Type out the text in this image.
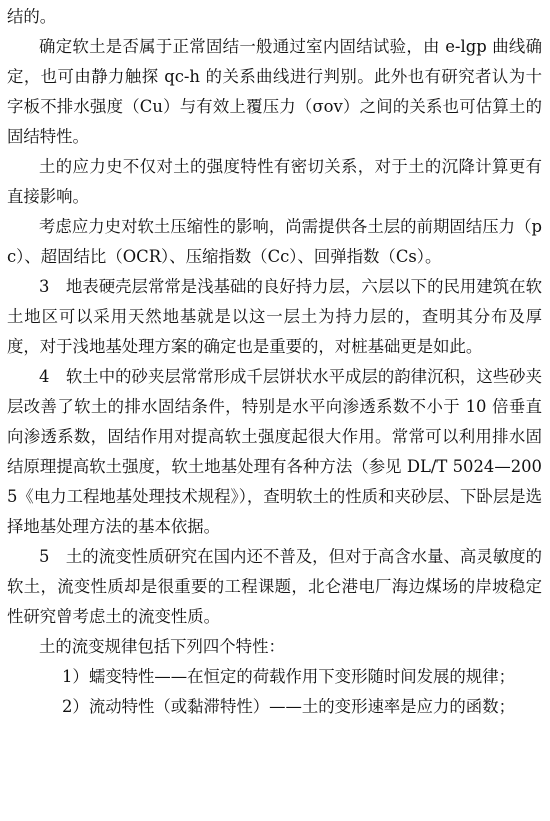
结的。

确定软土是否属于正常固结一般通过室内固结试验，由 e-lgp 曲线确定，也可由静力触探 qc-h 的关系曲线进行判别。此外也有研究者认为十字板不排水强度（Cu）与有效上覆压力（σov）之间的关系也可估算土的固结特性。

土的应力史不仅对土的强度特性有密切关系，对于土的沉降计算更有直接影响。

考虑应力史对软土压缩性的影响，尚需提供各土层的前期固结压力（pc）、超固结比（OCR）、压缩指数（Cc）、回弹指数（Cs）。

3　地表硬壳层常常是浅基础的良好持力层，六层以下的民用建筑在软土地区可以采用天然地基就是以这一层土为持力层的，查明其分布及厚度，对于浅地基处理方案的确定也是重要的，对桩基础更是如此。

4　软土中的砂夹层常常形成千层饼状水平成层的韵律沉积，这些砂夹层改善了软土的排水固结条件，特别是水平向渗透系数不小于 10 倍垂直向渗透系数，固结作用对提高软土强度起很大作用。常常可以利用排水固结原理提高软土强度，软土地基处理有各种方法（参见 DL/T 5024—2005《电力工程地基处理技术规程》），查明软土的性质和夹砂层、下卧层是选择地基处理方法的基本依据。

5　土的流变性质研究在国内还不普及，但对于高含水量、高灵敏度的软土，流变性质却是很重要的工程课题，北仑港电厂海边煤场的岸坡稳定性研究曾考虑土的流变性质。

土的流变规律包括下列四个特性：

1）蠕变特性——在恒定的荷载作用下变形随时间发展的规律；

2）流动特性（或黏滞特性）——土的变形速率是应力的函数；
